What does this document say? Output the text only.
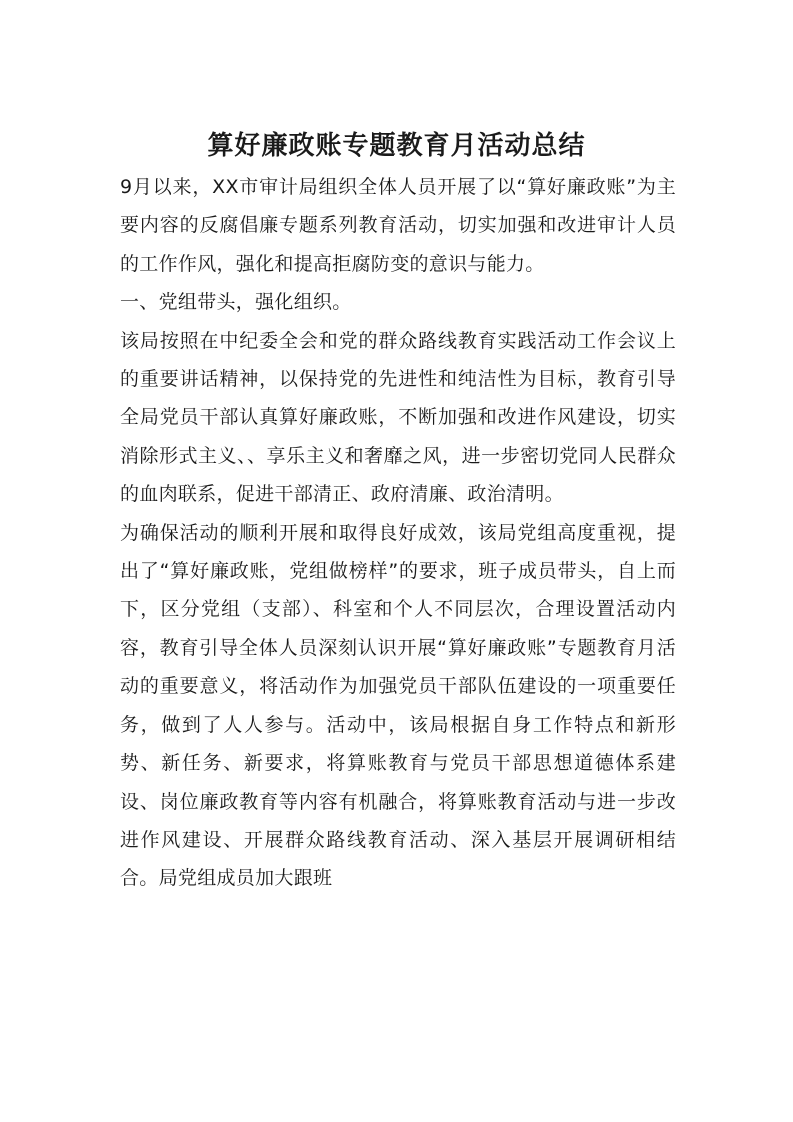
算好廉政账专题教育月活动总结

9月以来，XX市审计局组织全体人员开展了以“算好廉政账”为主要内容的反腐倡廉专题系列教育活动，切实加强和改进审计人员的工作作风，强化和提高拒腐防变的意识与能力。

一、党组带头，强化组织。

该局按照在中纪委全会和党的群众路线教育实践活动工作会议上的重要讲话精神，以保持党的先进性和纯洁性为目标，教育引导全局党员干部认真算好廉政账，不断加强和改进作风建设，切实消除形式主义、、享乐主义和奢靡之风，进一步密切党同人民群众的血肉联系，促进干部清正、政府清廉、政治清明。

为确保活动的顺利开展和取得良好成效，该局党组高度重视，提出了“算好廉政账，党组做榜样”的要求，班子成员带头，自上而下，区分党组（支部）、科室和个人不同层次，合理设置活动内容，教育引导全体人员深刻认识开展“算好廉政账”专题教育月活动的重要意义，将活动作为加强党员干部队伍建设的一项重要任务，做到了人人参与。活动中，该局根据自身工作特点和新形势、新任务、新要求，将算账教育与党员干部思想道德体系建设、岗位廉政教育等内容有机融合，将算账教育活动与进一步改进作风建设、开展群众路线教育活动、深入基层开展调研相结合。局党组成员加大跟班
